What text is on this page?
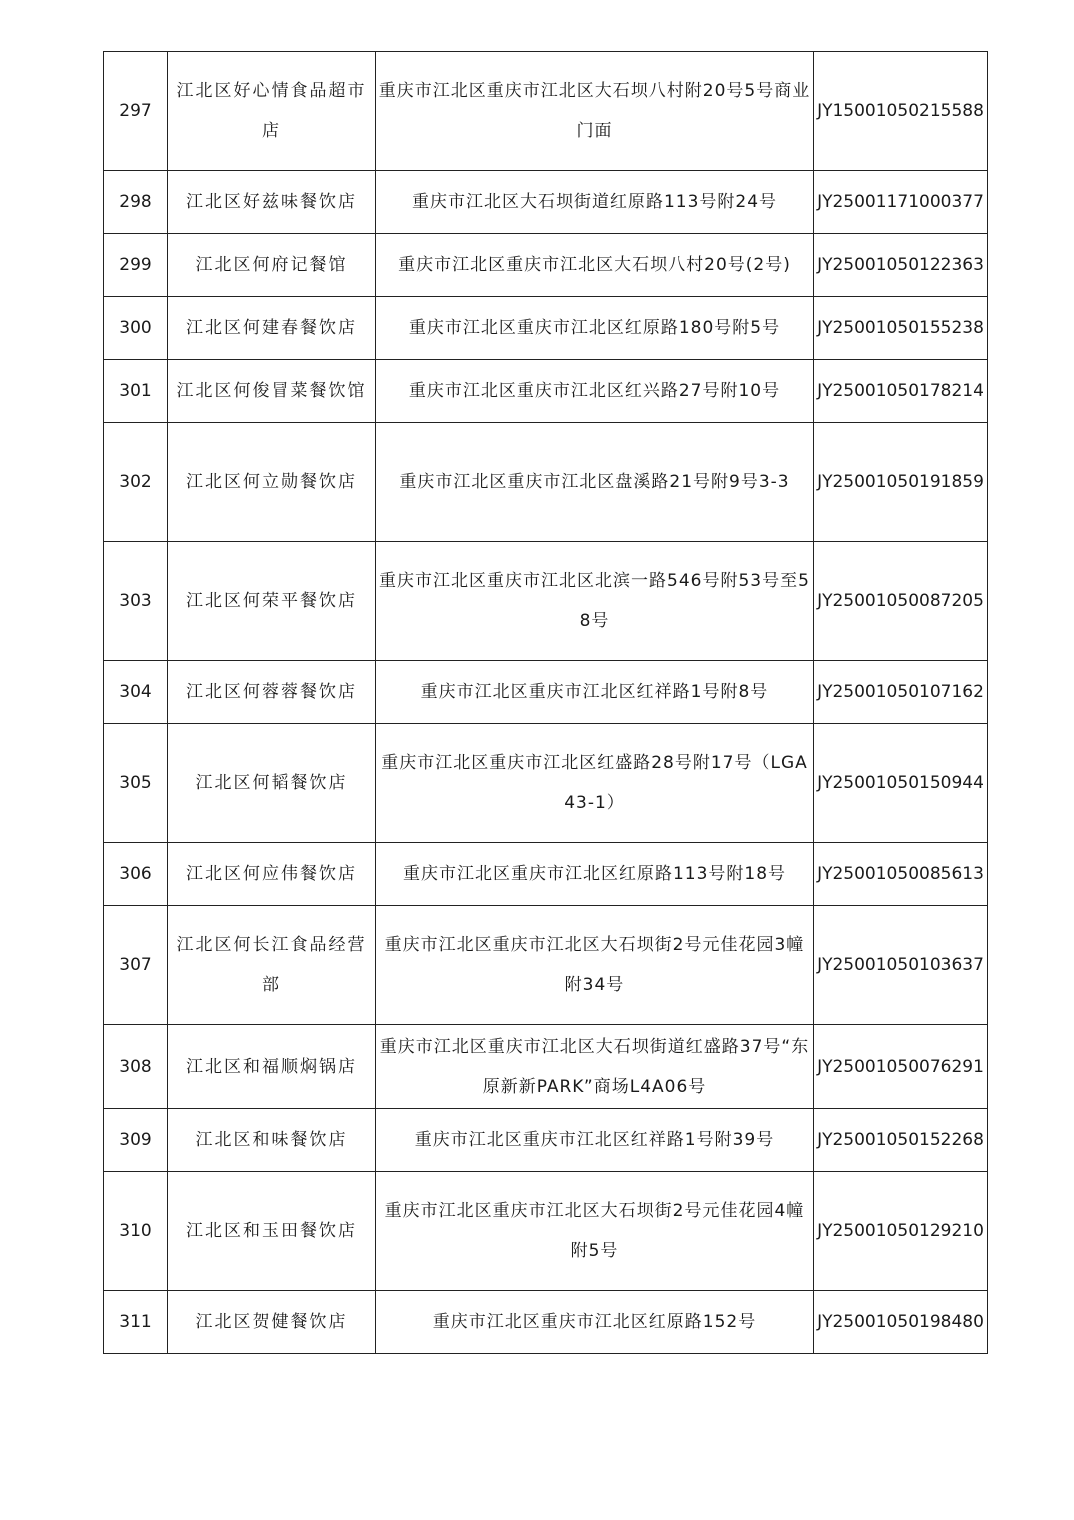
297	江北区好心情食品超市店	重庆市江北区重庆市江北区大石坝八村附20号5号商业门面	JY15001050215588
298	江北区好兹味餐饮店	重庆市江北区大石坝街道红原路113号附24号	JY25001171000377
299	江北区何府记餐馆	重庆市江北区重庆市江北区大石坝八村20号(2号)	JY25001050122363
300	江北区何建春餐饮店	重庆市江北区重庆市江北区红原路180号附5号	JY25001050155238
301	江北区何俊冒菜餐饮馆	重庆市江北区重庆市江北区红兴路27号附10号	JY25001050178214
302	江北区何立勋餐饮店	重庆市江北区重庆市江北区盘溪路21号附9号3-3	JY25001050191859
303	江北区何荣平餐饮店	重庆市江北区重庆市江北区北滨一路546号附53号至58号	JY25001050087205
304	江北区何蓉蓉餐饮店	重庆市江北区重庆市江北区红祥路1号附8号	JY25001050107162
305	江北区何韬餐饮店	重庆市江北区重庆市江北区红盛路28号附17号（LGA43-1）	JY25001050150944
306	江北区何应伟餐饮店	重庆市江北区重庆市江北区红原路113号附18号	JY25001050085613
307	江北区何长江食品经营部	重庆市江北区重庆市江北区大石坝街2号元佳花园3幢附34号	JY25001050103637
308	江北区和福顺焖锅店	重庆市江北区重庆市江北区大石坝街道红盛路37号“东原新新PARK”商场L4A06号	JY25001050076291
309	江北区和味餐饮店	重庆市江北区重庆市江北区红祥路1号附39号	JY25001050152268
310	江北区和玉田餐饮店	重庆市江北区重庆市江北区大石坝街2号元佳花园4幢附5号	JY25001050129210
311	江北区贺健餐饮店	重庆市江北区重庆市江北区红原路152号	JY25001050198480
